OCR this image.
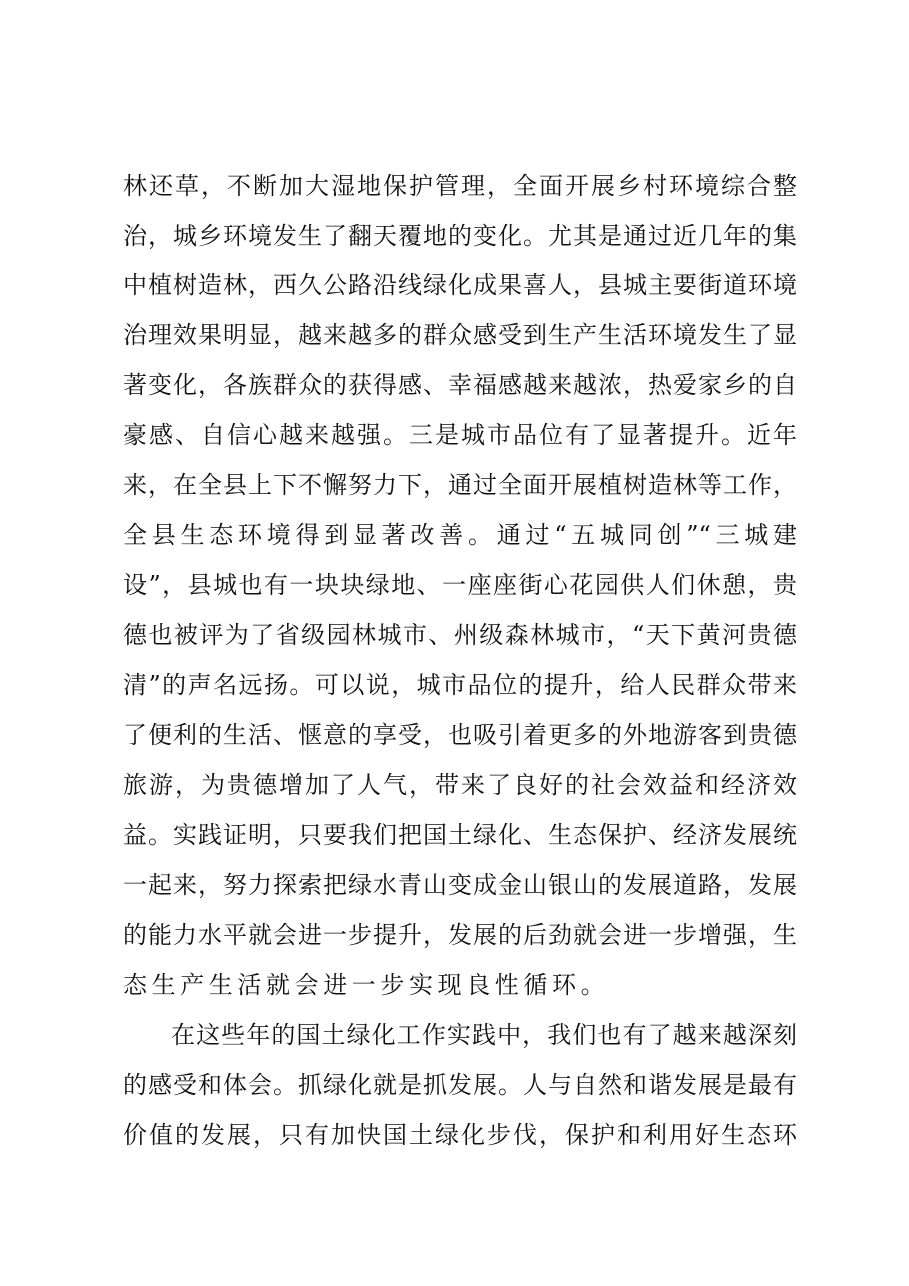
林还草，不断加大湿地保护管理，全面开展乡村环境综合整
治，城乡环境发生了翻天覆地的变化。尤其是通过近几年的集
中植树造林，西久公路沿线绿化成果喜人，县城主要街道环境
治理效果明显，越来越多的群众感受到生产生活环境发生了显
著变化，各族群众的获得感、幸福感越来越浓，热爱家乡的自
豪感、自信心越来越强。三是城市品位有了显著提升。近年
来，在全县上下不懈努力下，通过全面开展植树造林等工作，
全县生态环境得到显著改善。通过“五城同创”“三城建
设”，县城也有一块块绿地、一座座街心花园供人们休憩，贵
德也被评为了省级园林城市、州级森林城市，“天下黄河贵德
清”的声名远扬。可以说，城市品位的提升，给人民群众带来
了便利的生活、惬意的享受，也吸引着更多的外地游客到贵德
旅游，为贵德增加了人气，带来了良好的社会效益和经济效
益。实践证明，只要我们把国土绿化、生态保护、经济发展统
一起来，努力探索把绿水青山变成金山银山的发展道路，发展
的能力水平就会进一步提升，发展的后劲就会进一步增强，生
态生产生活就会进一步实现良性循环。
在这些年的国土绿化工作实践中，我们也有了越来越深刻
的感受和体会。抓绿化就是抓发展。人与自然和谐发展是最有
价值的发展，只有加快国土绿化步伐，保护和利用好生态环
